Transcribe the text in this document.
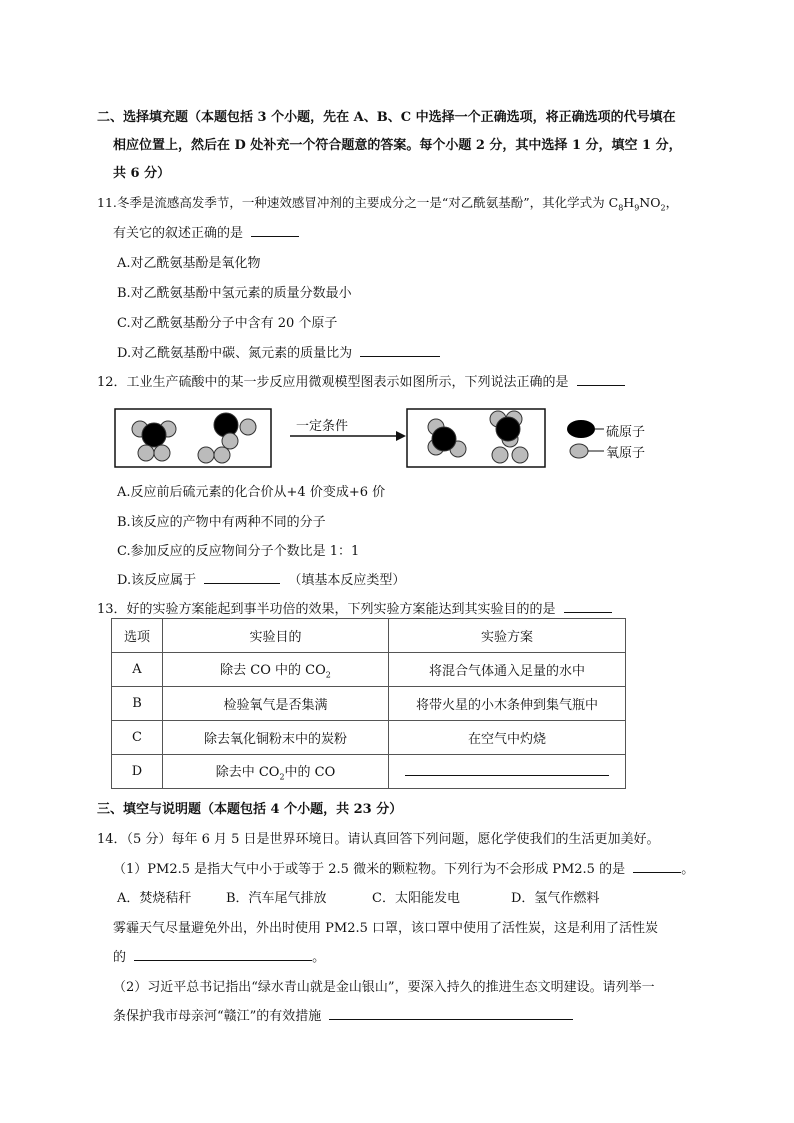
二、选择填充题（本题包括 3 个小题，先在 A、B、C 中选择一个正确选项，将正确选项的代号填在
相应位置上，然后在 D 处补充一个符合题意的答案。每个小题 2 分，其中选择 1 分，填空 1 分，
共 6 分）
11.冬季是流感高发季节，一种速效感冒冲剂的主要成分之一是“对乙酰氨基酚”，其化学式为 $C_8H_9NO_2$，
有关它的叙述正确的是
A.对乙酰氨基酚是氧化物
B.对乙酰氨基酚中氢元素的质量分数最小
C.对乙酰氨基酚分子中含有 20 个原子
D.对乙酰氨基酚中碳、氮元素的质量比为
12．工业生产硫酸中的某一步反应用微观模型图表示如图所示，下列说法正确的是
一定条件	硫原子
氧原子
A.反应前后硫元素的化合价从+4 价变成+6 价
B.该反应的产物中有两种不同的分子
C.参加反应的反应物间分子个数比是 1：1
D.该反应属于	（填基本反应类型）
13．好的实验方案能起到事半功倍的效果，下列实验方案能达到其实验目的的是
选项	实验目的	实验方案
A	除去 CO 中的 $CO_2$	将混合气体通入足量的水中
B	检验氧气是否集满	将带火星的小木条伸到集气瓶中
C	除去氧化铜粉末中的炭粉	在空气中灼烧
D	除去中 $CO_2$中的 CO	
三、填空与说明题（本题包括 4 个小题，共 23 分）
14．（5 分）每年 6 月 5 日是世界环境日。请认真回答下列问题，愿化学使我们的生活更加美好。
（1）PM2.5 是指大气中小于或等于 2.5 微米的颗粒物。下列行为不会形成 PM2.5 的是	。
A．焚烧秸秆	B．汽车尾气排放	C．太阳能发电	D．氢气作燃料
雾霾天气尽量避免外出，外出时使用 PM2.5 口罩，该口罩中使用了活性炭，这是利用了活性炭
的	。
（2）习近平总书记指出“绿水青山就是金山银山”，要深入持久的推进生态文明建设。请列举一
条保护我市母亲河“赣江”的有效措施
